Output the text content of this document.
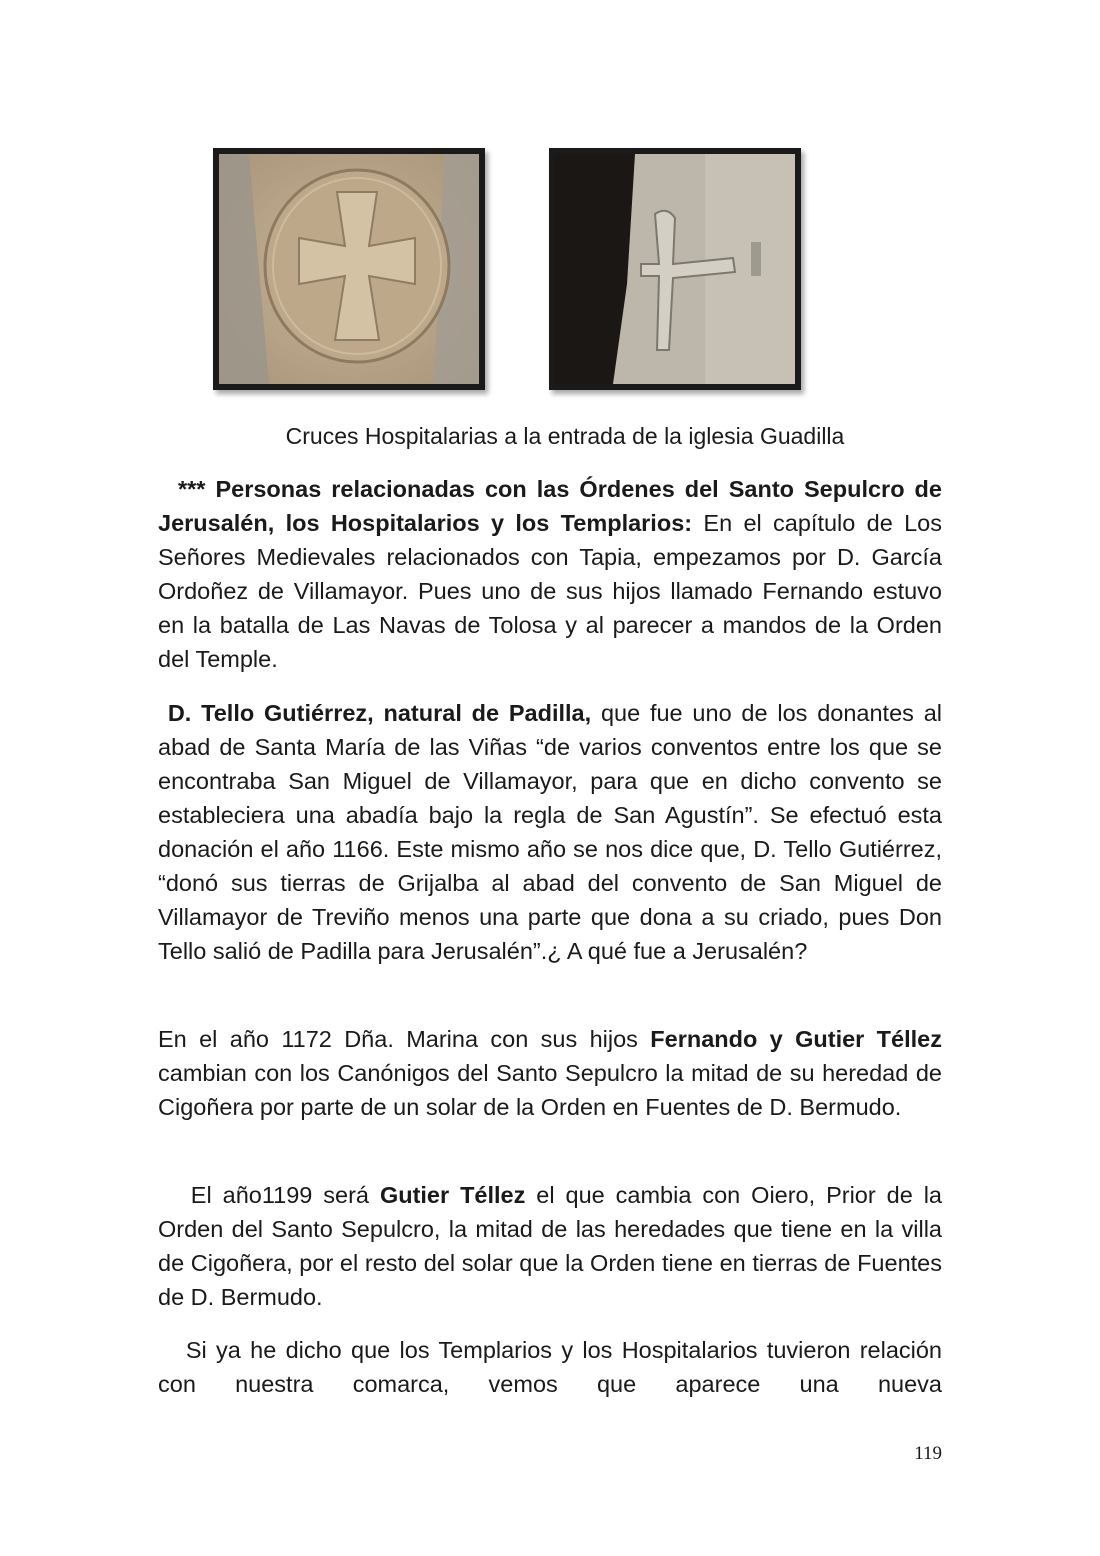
Cruces Hospitalarias a la entrada de la iglesia Guadilla

*** Personas relacionadas con las Órdenes del Santo Sepulcro de Jerusalén, los Hospitalarios y los Templarios: En el capítulo de Los Señores Medievales relacionados con Tapia, empezamos por D. García Ordoñez de Villamayor. Pues uno de sus hijos llamado Fernando estuvo en la batalla de Las Navas de Tolosa y al parecer a mandos de la Orden del Temple.

D. Tello Gutiérrez, natural de Padilla, que fue uno de los donantes al abad de Santa María de las Viñas “de varios conventos entre los que se encontraba San Miguel de Villamayor, para que en dicho convento se estableciera una abadía bajo la regla de San Agustín”. Se efectuó esta donación el año 1166. Este mismo año se nos dice que, D. Tello Gutiérrez, “donó sus tierras de Grijalba al abad del convento de San Miguel de Villamayor de Treviño menos una parte que dona a su criado, pues Don Tello salió de Padilla para Jerusalén”.¿ A qué fue a Jerusalén?

En el año 1172 Dña. Marina con sus hijos Fernando y Gutier Téllez cambian con los Canónigos del Santo Sepulcro la mitad de su heredad de Cigoñera por parte de un solar de la Orden en Fuentes de D. Bermudo.

El año1199 será Gutier Téllez el que cambia con Oiero, Prior de la Orden del Santo Sepulcro, la mitad de las heredades que tiene en la villa de Cigoñera, por el resto del solar que la Orden tiene en tierras de Fuentes de D. Bermudo.

Si ya he dicho que los Templarios y los Hospitalarios tuvieron relación con nuestra comarca, vemos que aparece una nueva

119
